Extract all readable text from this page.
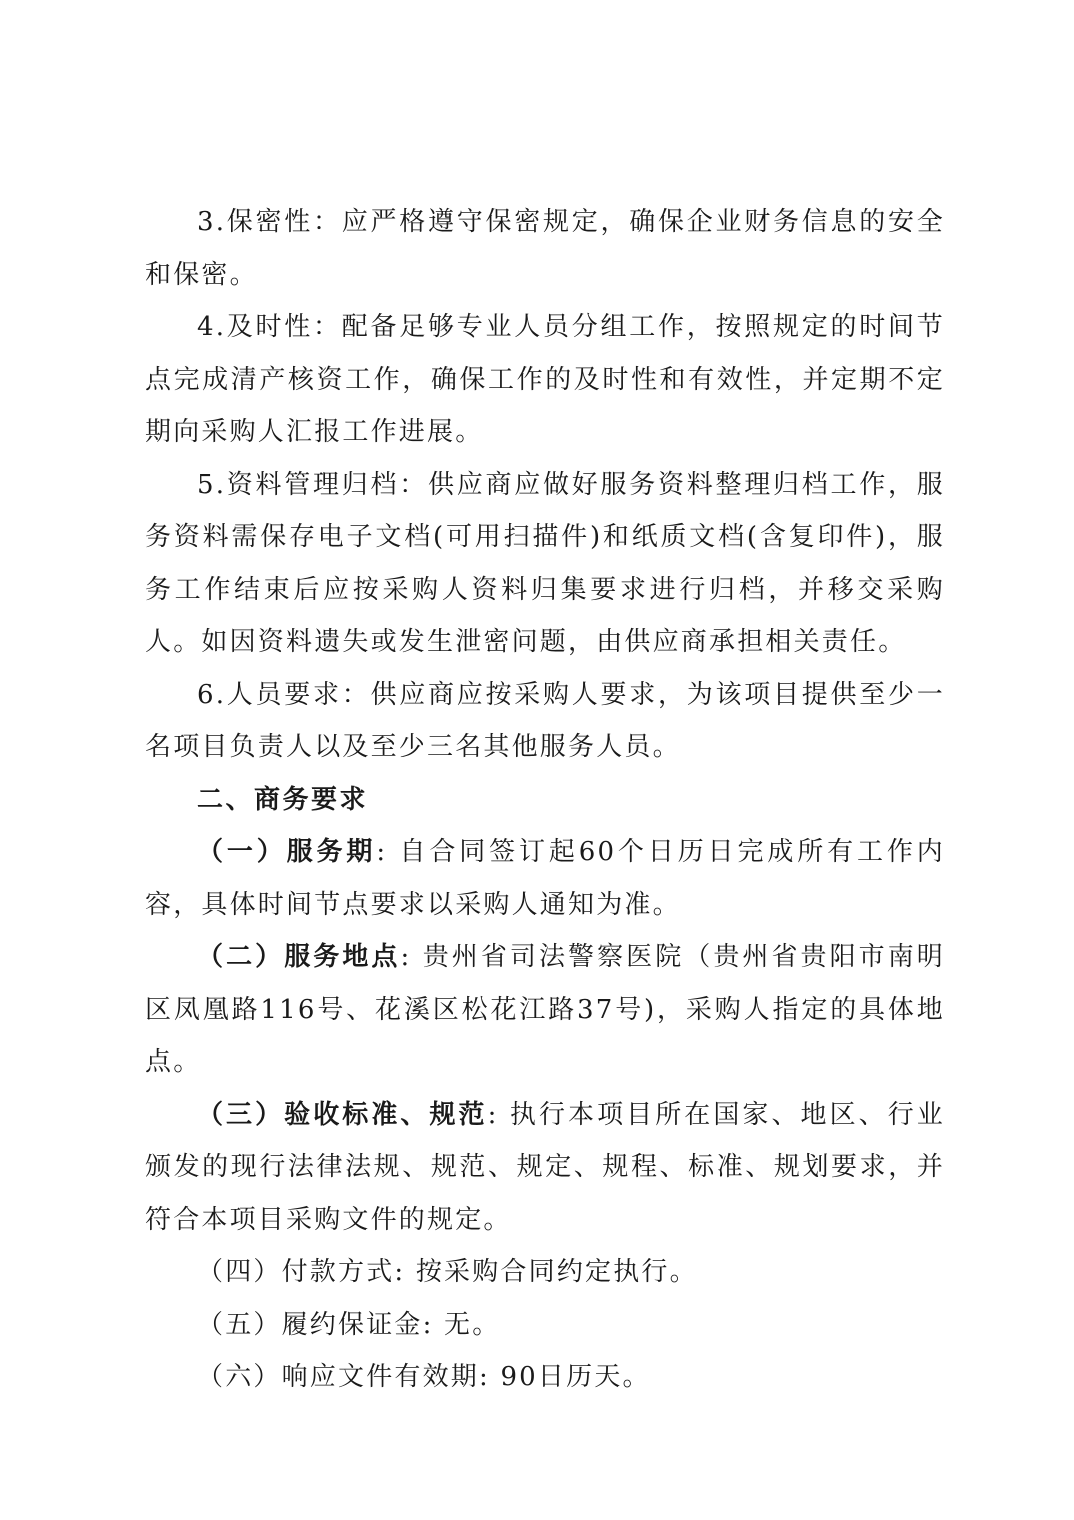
3.保密性：应严格遵守保密规定，确保企业财务信息的安全和保密。

4.及时性：配备足够专业人员分组工作，按照规定的时间节点完成清产核资工作，确保工作的及时性和有效性，并定期不定期向采购人汇报工作进展。

5.资料管理归档：供应商应做好服务资料整理归档工作，服务资料需保存电子文档(可用扫描件)和纸质文档(含复印件)，服务工作结束后应按采购人资料归集要求进行归档，并移交采购人。如因资料遗失或发生泄密问题，由供应商承担相关责任。

6.人员要求：供应商应按采购人要求，为该项目提供至少一名项目负责人以及至少三名其他服务人员。

二、商务要求

（一）服务期: 自合同签订起60个日历日完成所有工作内容，具体时间节点要求以采购人通知为准。

（二）服务地点: 贵州省司法警察医院（贵州省贵阳市南明区凤凰路116号、花溪区松花江路37号)，采购人指定的具体地点。

（三）验收标准、规范: 执行本项目所在国家、地区、行业颁发的现行法律法规、规范、规定、规程、标准、规划要求，并符合本项目采购文件的规定。

（四）付款方式: 按采购合同约定执行。

（五）履约保证金: 无。

（六）响应文件有效期: 90日历天。
